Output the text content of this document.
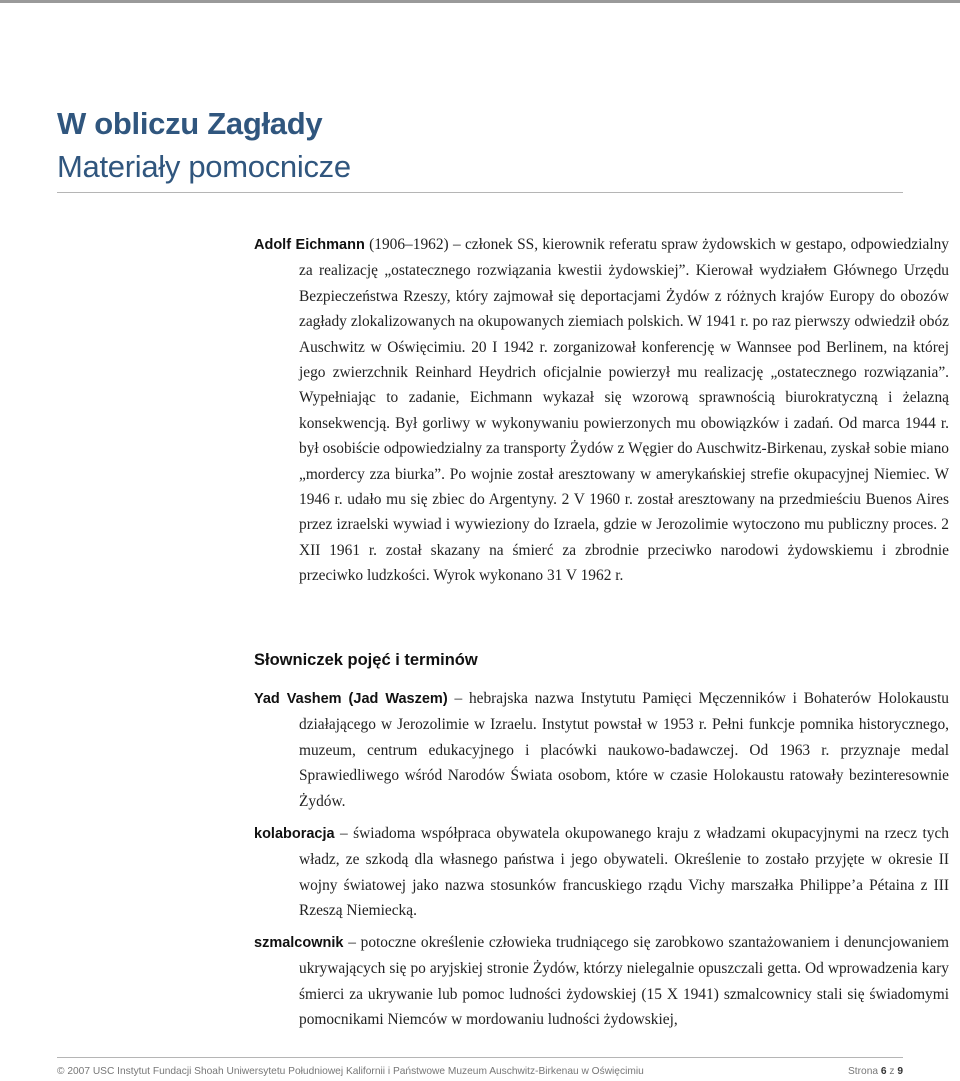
W obliczu Zagłady
Materiały pomocnicze

Adolf Eichmann (1906–1962) – członek SS, kierownik referatu spraw żydowskich w gestapo, odpowiedzialny za realizację „ostatecznego rozwiązania kwestii żydowskiej”. Kierował wydziałem Głównego Urzędu Bezpieczeństwa Rzeszy, który zajmował się deportacjami Żydów z różnych krajów Europy do obozów zagłady zlokalizowanych na okupowanych ziemiach polskich. W 1941 r. po raz pierwszy odwiedził obóz Auschwitz w Oświęcimiu. 20 I 1942 r. zorganizował konferencję w Wannsee pod Berlinem, na której jego zwierzchnik Reinhard Heydrich oficjalnie powierzył mu realizację „ostatecznego rozwiązania”. Wypełniając to zadanie, Eichmann wykazał się wzorową sprawnością biurokratyczną i żelazną konsekwencją. Był gorliwy w wykonywaniu powierzonych mu obowiązków i zadań. Od marca 1944 r. był osobiście odpowiedzialny za transporty Żydów z Węgier do Auschwitz-Birkenau, zyskał sobie miano „mordercy zza biurka”. Po wojnie został aresztowany w amerykańskiej strefie okupacyjnej Niemiec. W 1946 r. udało mu się zbiec do Argentyny. 2 V 1960 r. został aresztowany na przedmieściu Buenos Aires przez izraelski wywiad i wywieziony do Izraela, gdzie w Jerozolimie wytoczono mu publiczny proces. 2 XII 1961 r. został skazany na śmierć za zbrodnie przeciwko narodowi żydowskiemu i zbrodnie przeciwko ludzkości. Wyrok wykonano 31 V 1962 r.

Słowniczek pojęć i terminów

Yad Vashem (Jad Waszem) – hebrajska nazwa Instytutu Pamięci Męczenników i Bohaterów Holokaustu działającego w Jerozolimie w Izraelu. Instytut powstał w 1953 r. Pełni funkcje pomnika historycznego, muzeum, centrum edukacyjnego i placówki naukowo-badawczej. Od 1963 r. przyznaje medal Sprawiedliwego wśród Narodów Świata osobom, które w czasie Holokaustu ratowały bezinteresownie Żydów.

kolaboracja – świadoma współpraca obywatela okupowanego kraju z władzami okupacyjnymi na rzecz tych władz, ze szkodą dla własnego państwa i jego obywateli. Określenie to zostało przyjęte w okresie II wojny światowej jako nazwa stosunków francuskiego rządu Vichy marszałka Philippe’a Pétaina z III Rzeszą Niemiecką.

szmalcownik – potoczne określenie człowieka trudniącego się zarobkowo szantażowaniem i denuncjowaniem ukrywających się po aryjskiej stronie Żydów, którzy nielegalnie opuszczali getta. Od wprowadzenia kary śmierci za ukrywanie lub pomoc ludności żydowskiej (15 X 1941) szmalcownicy stali się świadomymi pomocnikami Niemców w mordowaniu ludności żydowskiej,

© 2007 USC Instytut Fundacji Shoah Uniwersytetu Południowej Kalifornii i Państwowe Muzeum Auschwitz-Birkenau w Oświęcimiu	Strona 6 z 9
